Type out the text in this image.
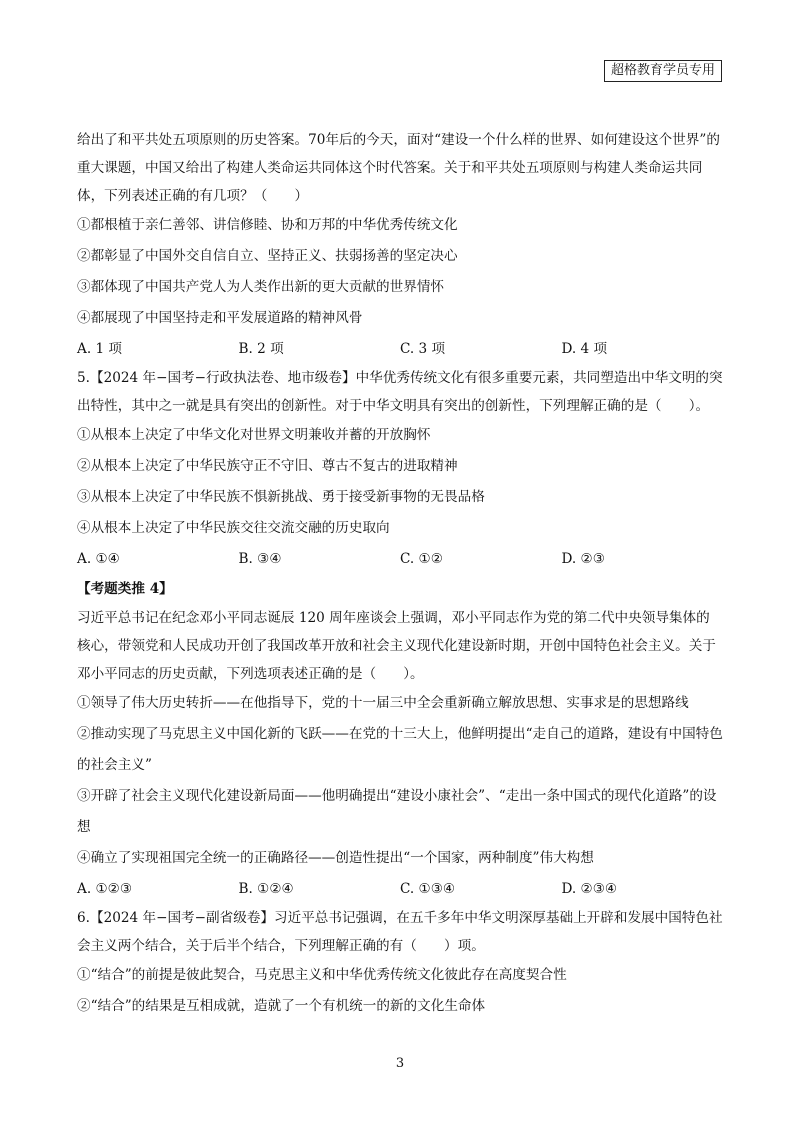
超格教育学员专用

给出了和平共处五项原则的历史答案。70年后的今天，面对“建设一个什么样的世界、如何建设这个世界”的重大课题，中国又给出了构建人类命运共同体这个时代答案。关于和平共处五项原则与构建人类命运共同体，下列表述正确的有几项？（　　）

①都根植于亲仁善邻、讲信修睦、协和万邦的中华优秀传统文化

②都彰显了中国外交自信自立、坚持正义、扶弱扬善的坚定决心

③都体现了中国共产党人为人类作出新的更大贡献的世界情怀

④都展现了中国坚持走和平发展道路的精神风骨

A. 1 项	B. 2 项	C. 3 项	D. 4 项

5.【2024 年−国考−行政执法卷、地市级卷】中华优秀传统文化有很多重要元素，共同塑造出中华文明的突出特性，其中之一就是具有突出的创新性。对于中华文明具有突出的创新性，下列理解正确的是（　　）。

①从根本上决定了中华文化对世界文明兼收并蓄的开放胸怀

②从根本上决定了中华民族守正不守旧、尊古不复古的进取精神

③从根本上决定了中华民族不惧新挑战、勇于接受新事物的无畏品格

④从根本上决定了中华民族交往交流交融的历史取向

A. ①④	B. ③④	C. ①②	D. ②③
【考题类推 4】

习近平总书记在纪念邓小平同志诞辰 120 周年座谈会上强调，邓小平同志作为党的第二代中央领导集体的核心，带领党和人民成功开创了我国改革开放和社会主义现代化建设新时期，开创中国特色社会主义。关于邓小平同志的历史贡献，下列选项表述正确的是（　　）。

①领导了伟大历史转折——在他指导下，党的十一届三中全会重新确立解放思想、实事求是的思想路线

②推动实现了马克思主义中国化新的飞跃——在党的十三大上，他鲜明提出“走自己的道路，建设有中国特色的社会主义”

③开辟了社会主义现代化建设新局面——他明确提出“建设小康社会”、“走出一条中国式的现代化道路”的设想

④确立了实现祖国完全统一的正确路径——创造性提出“一个国家，两种制度”伟大构想

A. ①②③	B. ①②④	C. ①③④	D. ②③④

6.【2024 年−国考−副省级卷】习近平总书记强调，在五千多年中华文明深厚基础上开辟和发展中国特色社会主义两个结合，关于后半个结合，下列理解正确的有（　　）项。

①“结合”的前提是彼此契合，马克思主义和中华优秀传统文化彼此存在高度契合性

②“结合”的结果是互相成就，造就了一个有机统一的新的文化生命体

3
